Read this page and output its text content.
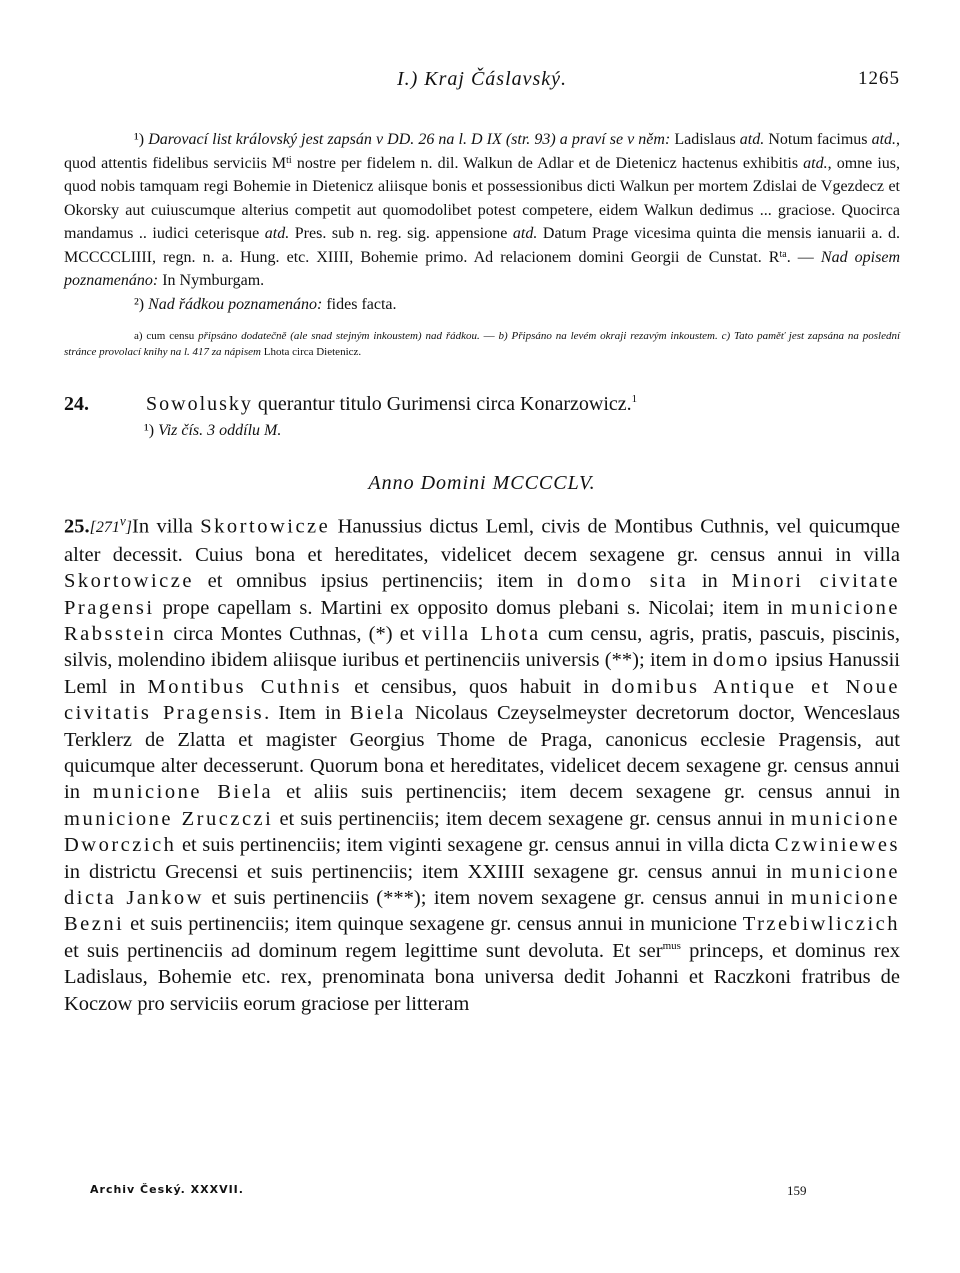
I.) Kraj Čáslavský.	1265

¹) Darovací list královský jest zapsán v DD. 26 na l. D IX (str. 93) a praví se v něm: Ladislaus atd. Notum facimus atd., quod attentis fidelibus serviciis $M^{ti}$ nostre per fidelem n. dil. Walkun de Adlar et de Dietenicz hactenus exhibitis atd., omne ius, quod nobis tamquam regi Bohemie in Dietenicz aliisque bonis et possessionibus dicti Walkun per mortem Zdislai de Vgezdecz et Okorsky aut cuiuscumque alterius competit aut quomodolibet potest competere, eidem Walkun dedimus ... graciose. Quocirca mandamus .. iudici ceterisque atd. Pres. sub n. reg. sig. appensione atd. Datum Prage vicesima quinta die mensis ianuarii a. d. MCCCCLIIII, regn. n. a. Hung. etc. XIIII, Bohemie primo. Ad relacionem domini Georgii de Cunstat. $R^{ta}$. — Nad opisem poznamenáno: In Nymburgam.

²) Nad řádkou poznamenáno: fides facta.

a) cum censu připsáno dodatečně (ale snad stejným inkoustem) nad řádkou. — b) Připsáno na levém okraji rezavým inkoustem. c) Tato paměť jest zapsána na poslední stránce provolací knihy na l. 417 za nápisem Lhota circa Dietenicz.
24.	Sowolusky querantur titulo Gurimensi circa Konarzowicz.$^1$
¹) Viz čís. 3 oddílu M.
Anno Domini MCCCCLV.
25.[271$^v$]In villa Skortowicze Hanussius dictus Leml, civis de Montibus Cuthnis, vel quicumque alter decessit. Cuius bona et hereditates, videlicet decem sexagene gr. census annui in villa Skortowicze et omnibus ipsius pertinenciis; item in domo sita in Minori civitate Pragensi prope capellam s. Martini ex opposito domus plebani s. Nicolai; item in municione Rabsstein circa Montes Cuthnas, (*) et villa Lhota cum censu, agris, pratis, pascuis, piscinis, silvis, molendino ibidem aliisque iuribus et pertinenciis universis (**); item in domo ipsius Hanussii Leml in Montibus Cuthnis et censibus, quos habuit in domibus Antique et Noue civitatis Pragensis. Item in Biela Nicolaus Czeyselmeyster decretorum doctor, Wenceslaus Terklerz de Zlatta et magister Georgius Thome de Praga, canonicus ecclesie Pragensis, aut quicumque alter decesserunt. Quorum bona et hereditates, videlicet decem sexagene gr. census annui in municione Biela et aliis suis pertinenciis; item decem sexagene gr. census annui in municione Zruczczi et suis pertinenciis; item decem sexagene gr. census annui in municione Dworczich et suis pertinenciis; item viginti sexagene gr. census annui in villa dicta Czwiniewes in districtu Grecensi et suis pertinenciis; item XXIIII sexagene gr. census annui in municione dicta Jankow et suis pertinenciis (***); item novem sexagene gr. census annui in municione Bezni et suis pertinenciis; item quinque sexagene gr. census annui in municione Trzebiwliczich et suis pertinenciis ad dominum regem legittime sunt devoluta. Et ser$^{mus}$ princeps, et dominus rex Ladislaus, Bohemie etc. rex, prenominata bona universa dedit Johanni et Raczkoni fratribus de Koczow pro serviciis eorum graciose per litteram
Archiv Český. XXXVII.	159
